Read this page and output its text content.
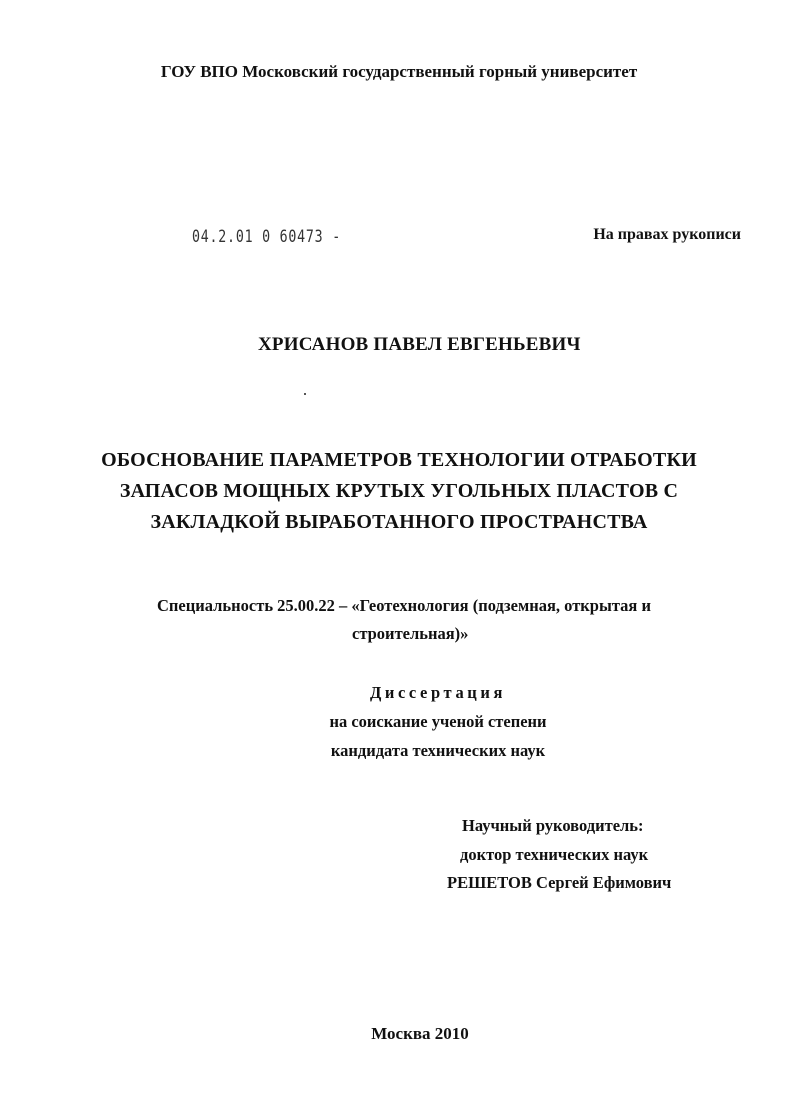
ГОУ ВПО Московский государственный горный университет

04.2.01 0 60473 -	На правах рукописи

ХРИСАНОВ ПАВЕЛ ЕВГЕНЬЕВИЧ

ОБОСНОВАНИЕ ПАРАМЕТРОВ ТЕХНОЛОГИИ ОТРАБОТКИ
ЗАПАСОВ МОЩНЫХ КРУТЫХ УГОЛЬНЫХ ПЛАСТОВ С
ЗАКЛАДКОЙ ВЫРАБОТАННОГО ПРОСТРАНСТВА

Специальность 25.00.22 – «Геотехнология (подземная, открытая и

строительная)»

Диссертация
на соискание ученой степени
кандидата технических наук
Научный руководитель:
доктор технических наук
РЕШЕТОВ Сергей Ефимович

Москва 2010
